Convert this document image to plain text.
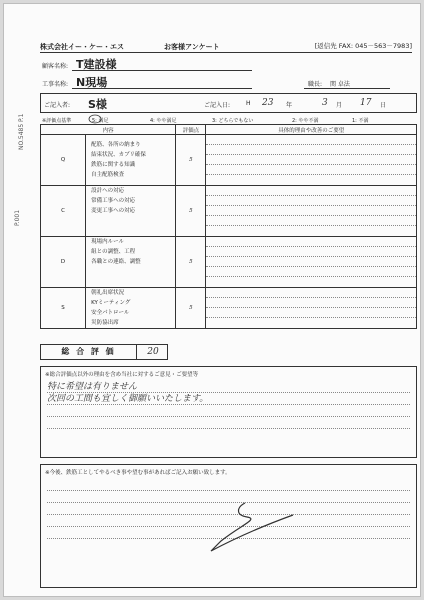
NO.5485 P.1
P.001
株式会社イー・ケー・エス	お客様アンケート	[返信先 FAX: 045－563－7983]
顧客名称: T建設様
工事名称: N現場	職長: 関 卓法
ご記入者: S様	ご記入日:	H 23 年	3 月 17 日
※評価点基準	5: 満足	4: やや満足	3: どちらでもない	2: やや不満	1: 不満
内容		評価点	具体的理由や改善のご要望
Q	配筋、各所の納まり
結束状況、カブリ確保
鉄筋に関する知識
自主配筋検査	5	

C	設計への対応
常備工事への対応
変更工事への対応	5	

D	現場内ルール
組との調整、工程
各職との連絡、調整	5	

S	朝礼出席状況
KYミーティング
安全パトロール
災防協出席	5	
総 合 評 価	20
※総合評価点以外の理由を含め当社に対するご意見・ご要望等
特に希望は有りません
次回の工間も宜しく御願いいたします。
※今後、鉄筋工としてやるべき事や望む事があればご記入お願い致します。
